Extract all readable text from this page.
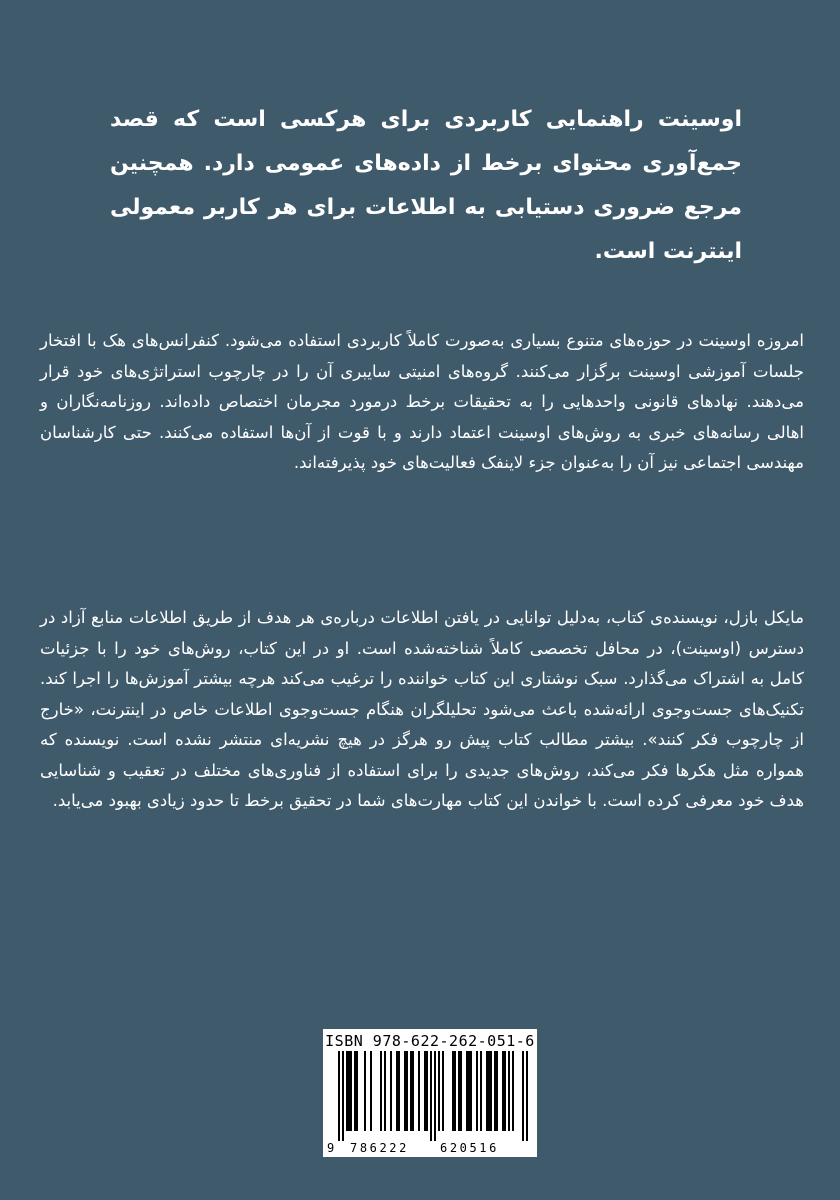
اوسینت راهنمایی کاربردی برای هرکسی است که قصد جمع‌آوری محتوای برخط از داده‌های عمومی دارد. همچنین مرجع ضروری دستیابی به اطلاعات برای هر کاربر معمولی اینترنت است.

امروزه اوسینت در حوزه‌های متنوع بسیاری به‌صورت کاملاً کاربردی استفاده می‌شود. کنفرانس‌های هک با افتخار جلسات آموزشی اوسینت برگزار می‌کنند. گروه‌های امنیتی سایبری آن را در چارچوب استراتژی‌های خود قرار می‌دهند. نهادهای قانونی واحدهایی را به تحقیقات برخط درمورد مجرمان اختصاص داده‌اند. روزنامه‌نگاران و اهالی رسانه‌های خبری به روش‌های اوسینت اعتماد دارند و با قوت از آن‌ها استفاده می‌کنند. حتی کارشناسان مهندسی اجتماعی نیز آن را به‌عنوان جزء لاینفک فعالیت‌های خود پذیرفته‌اند.

مایکل بازل، نویسنده‌ی کتاب، به‌دلیل توانایی در یافتن اطلاعات درباره‌ی هر هدف از طریق اطلاعات منابع آزاد در دسترس (اوسینت)، در محافل تخصصی کاملاً شناخته‌شده است. او در این کتاب، روش‌های خود را با جزئیات کامل به اشتراک می‌گذارد. سبک نوشتاری این کتاب خواننده را ترغیب می‌کند هرچه بیشتر آموزش‌ها را اجرا کند. تکنیک‌های جست‌وجوی ارائه‌شده باعث می‌شود تحلیلگران هنگام جست‌وجوی اطلاعات خاص در اینترنت، «خارج از چارچوب فکر کنند». بیشتر مطالب کتاب پیش رو هرگز در هیچ نشریه‌ای منتشر نشده است. نویسنده که همواره مثل هکرها فکر می‌کند، روش‌های جدیدی را برای استفاده از فناوری‌های مختلف در تعقیب و شناسایی هدف خود معرفی کرده است. با خواندن این کتاب مهارت‌های شما در تحقیق برخط تا حدود زیادی بهبود می‌یابد.

ISBN 978-622-262-051-6
9 786222	620516
